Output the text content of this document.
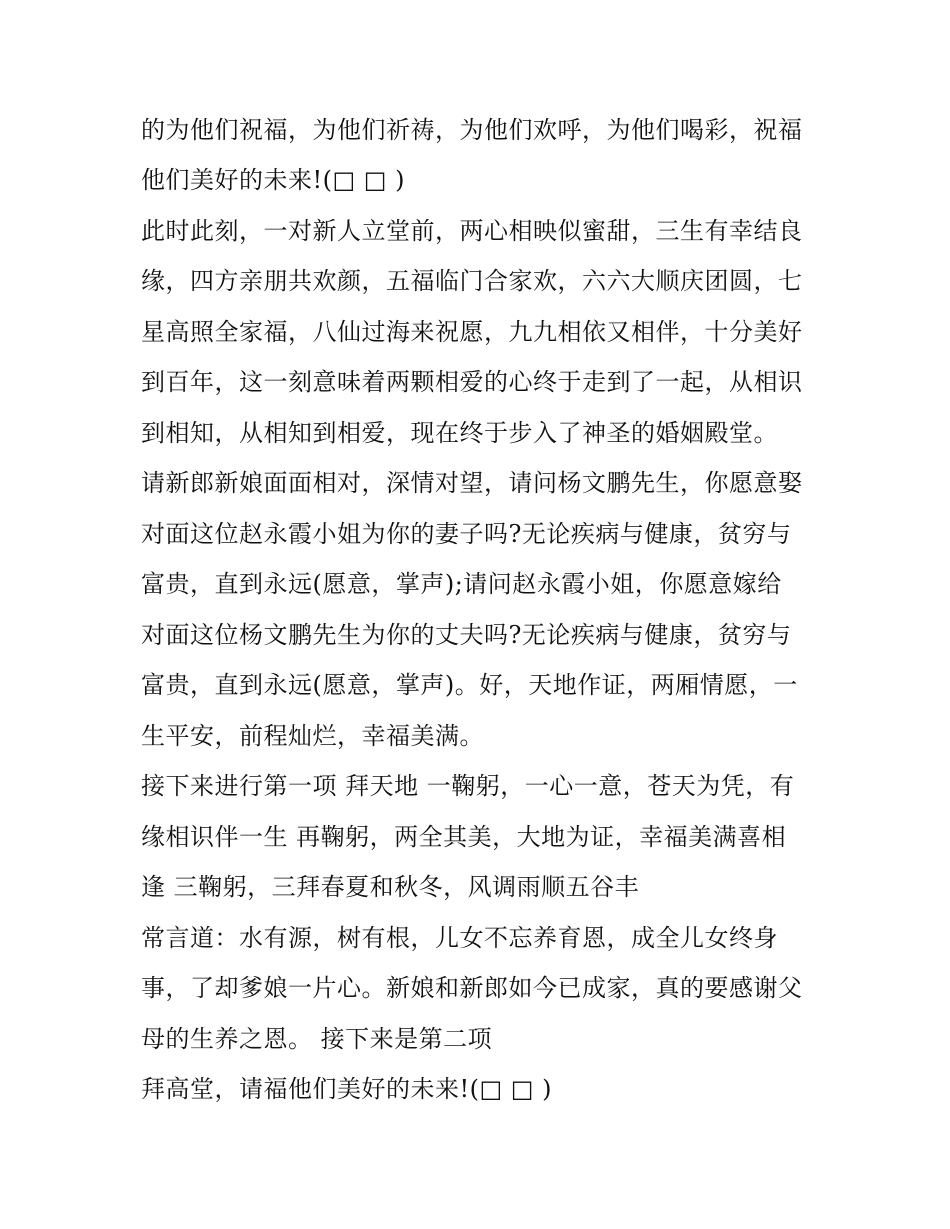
的为他们祝福，为他们祈祷，为他们欢呼，为他们喝彩，祝福
他们美好的未来!(□ □ )
此时此刻，一对新人立堂前，两心相映似蜜甜，三生有幸结良
缘，四方亲朋共欢颜，五福临门合家欢，六六大顺庆团圆，七
星高照全家福，八仙过海来祝愿，九九相依又相伴，十分美好
到百年，这一刻意味着两颗相爱的心终于走到了一起，从相识
到相知，从相知到相爱，现在终于步入了神圣的婚姻殿堂。
请新郎新娘面面相对，深情对望，请问杨文鹏先生，你愿意娶
对面这位赵永霞小姐为你的妻子吗?无论疾病与健康，贫穷与
富贵，直到永远(愿意，掌声);请问赵永霞小姐，你愿意嫁给
对面这位杨文鹏先生为你的丈夫吗?无论疾病与健康，贫穷与
富贵，直到永远(愿意，掌声)。好，天地作证，两厢情愿，一
生平安，前程灿烂，幸福美满。
接下来进行第一项 拜天地 一鞠躬，一心一意，苍天为凭，有
缘相识伴一生 再鞠躬，两全其美，大地为证，幸福美满喜相
逢 三鞠躬，三拜春夏和秋冬，风调雨顺五谷丰
常言道：水有源，树有根，儿女不忘养育恩，成全儿女终身
事，了却爹娘一片心。新娘和新郎如今已成家，真的要感谢父
母的生养之恩。 接下来是第二项
拜高堂，请福他们美好的未来!(□ □ )
